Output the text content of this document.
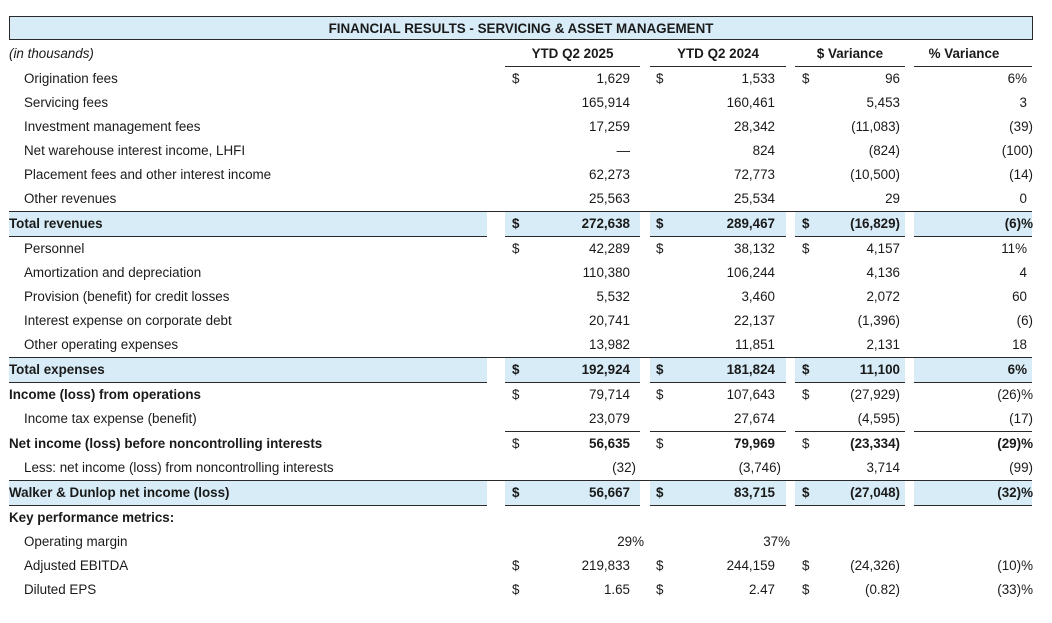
FINANCIAL RESULTS - SERVICING & ASSET MANAGEMENT
(in thousands)	YTD Q2 2025	YTD Q2 2024	$ Variance	% Variance
Origination fees	$	1,629 $	1,533 $	96	6%
Servicing fees	165,914	160,461	5,453	3
Investment management fees	17,259	28,342	(11,083)	(39)
Net warehouse interest income, LHFI	—	824	(824)	(100)
Placement fees and other interest income	62,273	72,773	(10,500)	(14)
Other revenues	25,563	25,534	29	0
Total revenues	$	272,638 $	289,467 $	(16,829)	(6)%
Personnel	$	42,289 $	38,132 $	4,157	11%
Amortization and depreciation	110,380	106,244	4,136	4
Provision (benefit) for credit losses	5,532	3,460	2,072	60
Interest expense on corporate debt	20,741	22,137	(1,396)	(6)
Other operating expenses	13,982	11,851	2,131	18
Total expenses	$	192,924 $	181,824 $	11,100	6%
Income (loss) from operations	$	79,714 $	107,643 $	(27,929)	(26)%
Income tax expense (benefit)	23,079	27,674	(4,595)	(17)
Net income (loss) before noncontrolling interests	$	56,635 $	79,969 $	(23,334)	(29)%
Less: net income (loss) from noncontrolling interests	(32)	(3,746)	3,714	(99)
Walker & Dunlop net income (loss)	$	56,667 $	83,715 $	(27,048)	(32)%
Key performance metrics:
Operating margin	29%	37%
Adjusted EBITDA	$	219,833 $	244,159 $	(24,326)	(10)%
Diluted EPS	$	1.65 $	2.47 $	(0.82)	(33)%
